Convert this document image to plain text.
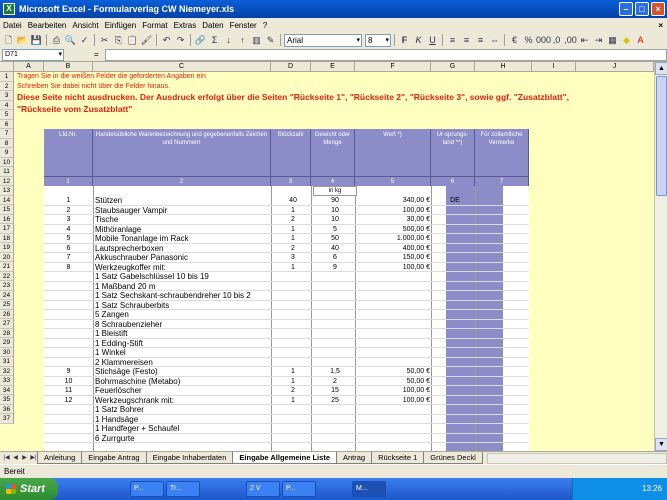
X Microsoft Excel - Formularverlag CW Niemeyer.xls	–	□	×
Datei Bearbeiten Ansicht Einfügen Format Extras Daten Fenster ?	×
🗋 📂 💾	⎙ 🔍 ✓	✂ ⎘ 📋 🖌	↶ ↷	🔗 Σ ↓	↑ ▥ ✎	Arial ▾	8 ▾	F K U	≡ ≡ ≡ ⇔	€ % 000 ,0 ,00 ⇤ ⇥ ▦ ◆ A
D71 ▾	=
A	B	C	D	E	F	G	H	I	J
1
2
3
4
5
6
7
8
9
10
11
12
13
14
15
16
17
18
19
20
21
22
23
24
25
26
27
28
29
30
31
32
33
34
35
36
37
Tragen Sie in die weißen Felder die geforderten Angaben ein
Schreiben Sie dabei nicht über die Felder hinaus.
Diese Seite nicht ausdrucken. Der Ausdruck erfolgt über die Seiten "Rückseite 1", "Rückseite 2", "Rückseite 3", sowie ggf. "Zusatzblatt", "Rückseite vom Zusatzblatt"
Lfd.Nr.	Handelsübliche Warenbezeichnung und gegebenenfalls Zeichen und Nummern
Stückzahl	Gewicht oder Menge
Wert *)	Ur-sprungs-land **)
Für zollamtliche Vermerke
1	2	3	4	5	6	7
in kg
1	Stützen	40	90	340,00 €	DE
2	Staubsauger Vampir	1	10	100,00 €
3	Tische	2	10	30,00 €
4	Mithöranlage	1	5	500,00 €
5	Mobile Tonanlage im Rack	1	50	1.000,00 €
6	Lautsprecherboxen	2	40	400,00 €
7	Akkuschrauber Panasonic	3	6	150,00 €
8	Werkzeugkoffer mit:	1	9	100,00 €
1 Satz Gabelschlüssel 10 bis 19
1 Maßband 20 m
1 Satz Sechskant-schraubendreher 10 bis 2
1 Satz Schrauberbits
5 Zangen
8 Schraubenzieher
1 Bleistift
1 Edding-Stift
1 Winkel
2 Klammereisen
9	Stichsäge (Festo)	1	1,5	50,00 €
10	Bohrmaschine (Metabo)	1	2	50,00 €
11	Feuerlöscher	2	15	100,00 €
12	Werkzeugschrank mit:	1	25	100,00 €
1 Satz Bohrer
1 Handsäge
1 Handfeger + Schaufel
6 Zurrgurte
▲
▼
|◀ ◀ ▶ ▶| Anleitung	Eingabe Antrag	Eingabe Inhaberdaten	Eingabe Allgemeine Liste	Antrag	Rückseite 1	Grünes Deckl
Bereit
Start	P...	Tr...	2 V	P...	M...	13:26
